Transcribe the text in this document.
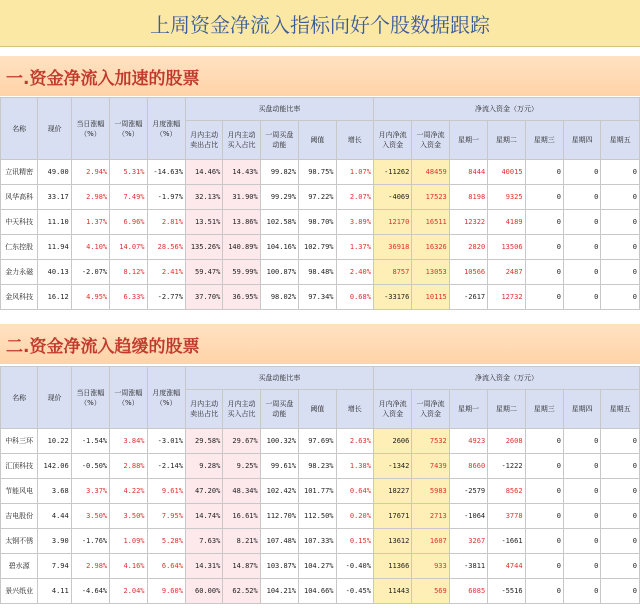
上周资金净流入指标向好个股数据跟踪
一.资金净流入加速的股票
名称	现价	当日涨幅（%）	一周涨幅（%）	月度涨幅（%）	买盘动能比率					净流入资金（万元）						
					月内主动卖出占比	月内主动买入占比	一周买盘动能	阈值	增长	月内净流入资金	一周净流入资金	星期一	星期二	星期三	星期四	星期五
立讯精密	49.00	2.94%	5.31%	-14.63%	14.46%	14.43%	99.82%	98.75%	1.07%	-11262	48459	8444	40015	0	0	0
风华高科	33.17	2.98%	7.49%	-1.97%	32.13%	31.90%	99.29%	97.22%	2.07%	-4069	17523	8198	9325	0	0	0
中天科技	11.10	1.37%	6.96%	2.81%	13.51%	13.86%	102.58%	98.70%	3.89%	12170	16511	12322	4189	0	0	0
仁东控股	11.94	4.10%	14.07%	28.56%	135.26%	140.89%	104.16%	102.79%	1.37%	36918	16326	2820	13506	0	0	0
金力永磁	40.13	-2.07%	8.12%	2.41%	59.47%	59.99%	100.87%	98.48%	2.40%	8757	13053	10566	2487	0	0	0
金风科技	16.12	4.95%	6.33%	-2.77%	37.70%	36.95%	98.02%	97.34%	0.68%	-33176	10115	-2617	12732	0	0	0
二.资金净流入趋缓的股票
名称	现价	当日涨幅（%）	一周涨幅（%）	月度涨幅（%）	买盘动能比率					净流入资金（万元）						
					月内主动卖出占比	月内主动买入占比	一周买盘动能	阈值	增长	月内净流入资金	一周净流入资金	星期一	星期二	星期三	星期四	星期五
中科三环	10.22	-1.54%	3.84%	-3.01%	29.58%	29.67%	100.32%	97.69%	2.63%	2606	7532	4923	2608	0	0	0
汇顶科技	142.06	-0.50%	2.88%	-2.14%	9.28%	9.25%	99.61%	98.23%	1.38%	-1342	7439	8660	-1222	0	0	0
节能风电	3.68	3.37%	4.22%	9.61%	47.20%	48.34%	102.42%	101.77%	0.64%	18227	5983	-2579	8562	0	0	0
吉电股份	4.44	3.50%	3.50%	7.95%	14.74%	16.61%	112.70%	112.50%	0.20%	17671	2713	-1064	3778	0	0	0
太钢不锈	3.90	-1.76%	1.09%	5.28%	7.63%	8.21%	107.48%	107.33%	0.15%	13612	1607	3267	-1661	0	0	0
碧水源	7.94	2.98%	4.16%	6.64%	14.31%	14.87%	103.87%	104.27%	-0.40%	11366	933	-3811	4744	0	0	0
景兴纸业	4.11	-4.64%	2.04%	9.60%	60.00%	62.52%	104.21%	104.66%	-0.45%	11443	569	6085	-5516	0	0	0
